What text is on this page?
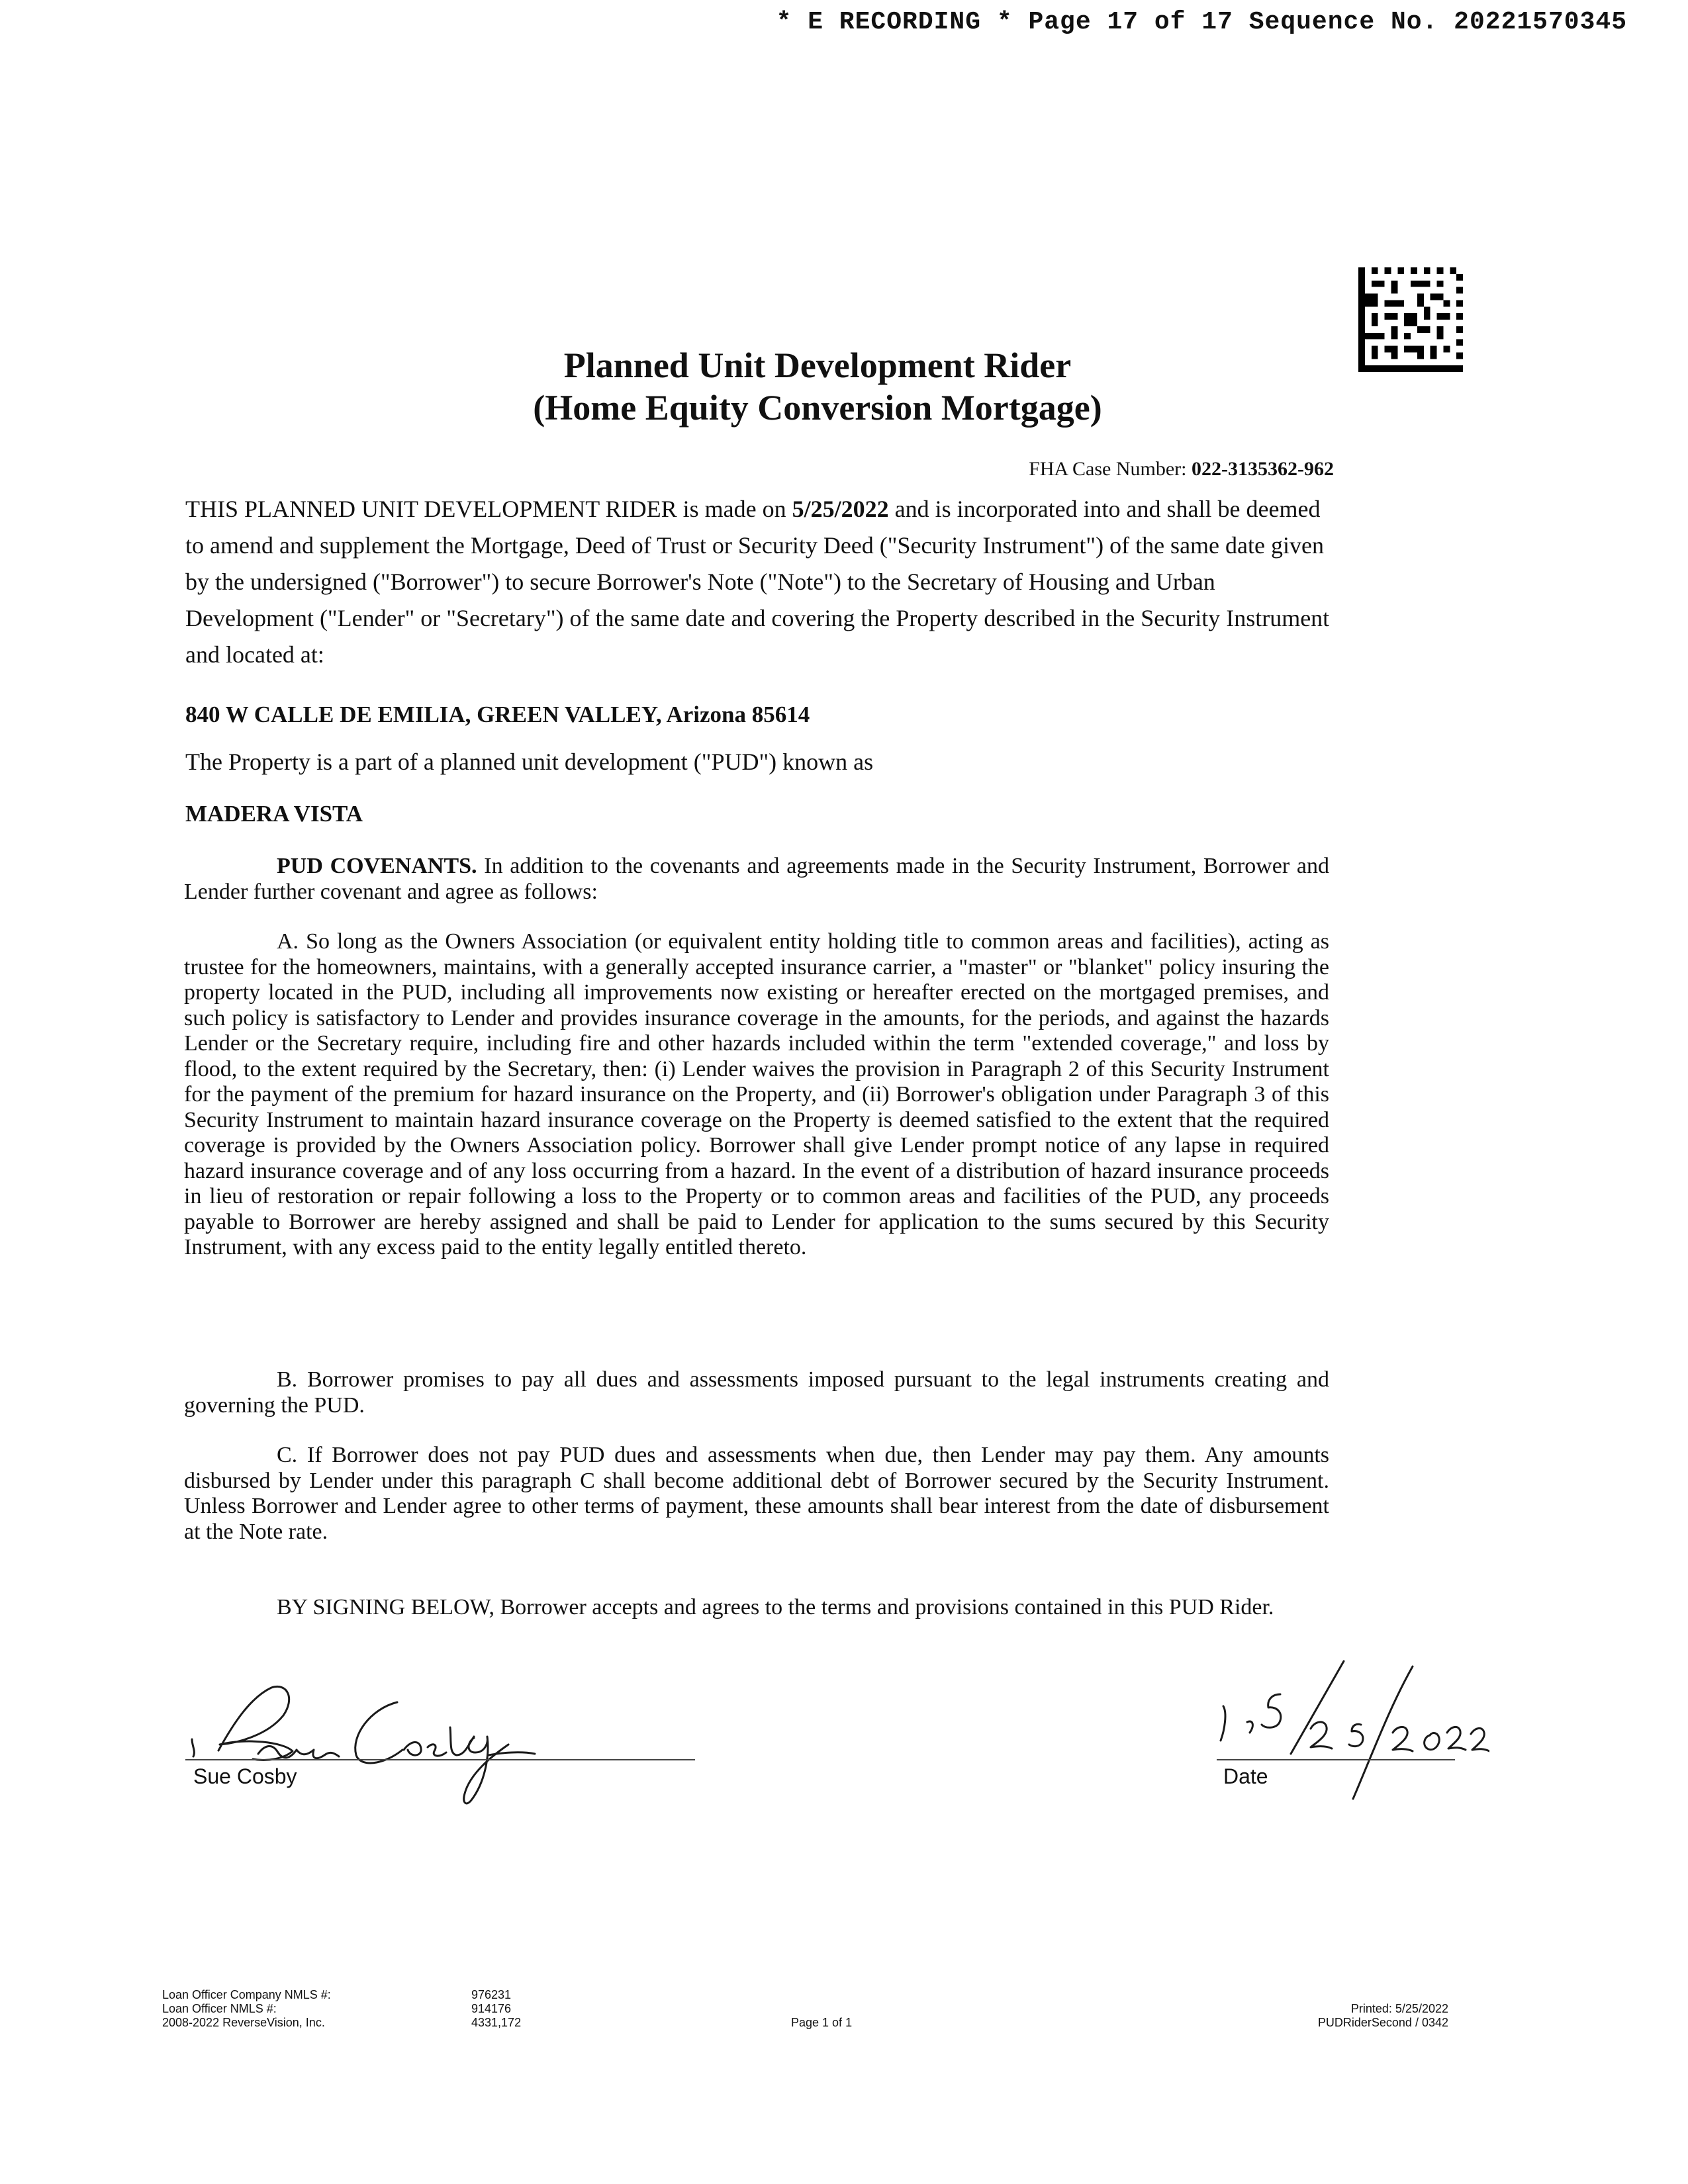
* E RECORDING * Page 17 of 17 Sequence No. 20221570345
Planned Unit Development Rider
(Home Equity Conversion Mortgage)
FHA Case Number: 022-3135362-962
THIS PLANNED UNIT DEVELOPMENT RIDER is made on 5/25/2022 and is incorporated into and shall be deemed to amend and supplement the Mortgage, Deed of Trust or Security Deed ("Security Instrument") of the same date given by the undersigned ("Borrower") to secure Borrower's Note ("Note") to the Secretary of Housing and Urban Development ("Lender" or "Secretary") of the same date and covering the Property described in the Security Instrument and located at:
840 W CALLE DE EMILIA, GREEN VALLEY, Arizona 85614
The Property is a part of a planned unit development ("PUD") known as
MADERA VISTA
PUD COVENANTS. In addition to the covenants and agreements made in the Security Instrument, Borrower and Lender further covenant and agree as follows:
A. So long as the Owners Association (or equivalent entity holding title to common areas and facilities), acting as trustee for the homeowners, maintains, with a generally accepted insurance carrier, a "master" or "blanket" policy insuring the property located in the PUD, including all improvements now existing or hereafter erected on the mortgaged premises, and such policy is satisfactory to Lender and provides insurance coverage in the amounts, for the periods, and against the hazards Lender or the Secretary require, including fire and other hazards included within the term "extended coverage," and loss by flood, to the extent required by the Secretary, then: (i) Lender waives the provision in Paragraph 2 of this Security Instrument for the payment of the premium for hazard insurance on the Property, and (ii) Borrower's obligation under Paragraph 3 of this Security Instrument to maintain hazard insurance coverage on the Property is deemed satisfied to the extent that the required coverage is provided by the Owners Association policy. Borrower shall give Lender prompt notice of any lapse in required hazard insurance coverage and of any loss occurring from a hazard. In the event of a distribution of hazard insurance proceeds in lieu of restoration or repair following a loss to the Property or to common areas and facilities of the PUD, any proceeds payable to Borrower are hereby assigned and shall be paid to Lender for application to the sums secured by this Security Instrument, with any excess paid to the entity legally entitled thereto.
B. Borrower promises to pay all dues and assessments imposed pursuant to the legal instruments creating and governing the PUD.
C. If Borrower does not pay PUD dues and assessments when due, then Lender may pay them. Any amounts disbursed by Lender under this paragraph C shall become additional debt of Borrower secured by the Security Instrument. Unless Borrower and Lender agree to other terms of payment, these amounts shall bear interest from the date of disbursement at the Note rate.
BY SIGNING BELOW, Borrower accepts and agrees to the terms and provisions contained in this PUD Rider.
Sue Cosby	Date
Loan Officer Company NMLS #:
Loan Officer NMLS #:
2008-2022 ReverseVision, Inc.
976231
914176
4331,172	Page 1 of 1
Printed: 5/25/2022
PUDRiderSecond / 0342
